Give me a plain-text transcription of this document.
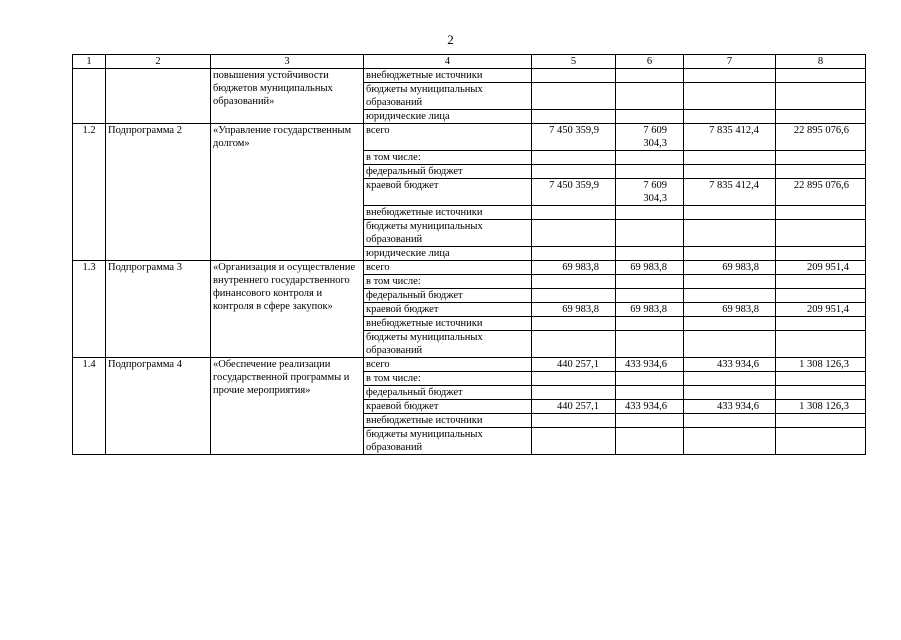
2
1	2	3	4	5	6	7	8
		повышения устойчивости бюджетов муниципальных образований»	внебюджетные источники				
			бюджеты муниципальных образований				
			юридические лица				
1.2	Подпрограмма 2	«Управление государственным долгом»	всего	7 450 359,9	7 609 304,3	7 835 412,4	22 895 076,6
			в том числе:				
			федеральный бюджет				
			краевой бюджет	7 450 359,9	7 609 304,3	7 835 412,4	22 895 076,6
			внебюджетные источники				
			бюджеты муниципальных образований				
			юридические лица				
1.3	Подпрограмма 3	«Организация и осуществление внутреннего государственного финансового контроля и контроля в сфере закупок»	всего	69 983,8	69 983,8	69 983,8	209 951,4
			в том числе:				
			федеральный бюджет				
			краевой бюджет	69 983,8	69 983,8	69 983,8	209 951,4
			внебюджетные источники				
			бюджеты муниципальных образований				
1.4	Подпрограмма 4	«Обеспечение реализации государственной программы и прочие мероприятия»	всего	440 257,1	433 934,6	433 934,6	1 308 126,3
			в том числе:				
			федеральный бюджет				
			краевой бюджет	440 257,1	433 934,6	433 934,6	1 308 126,3
			внебюджетные источники				
			бюджеты муниципальных образований				
